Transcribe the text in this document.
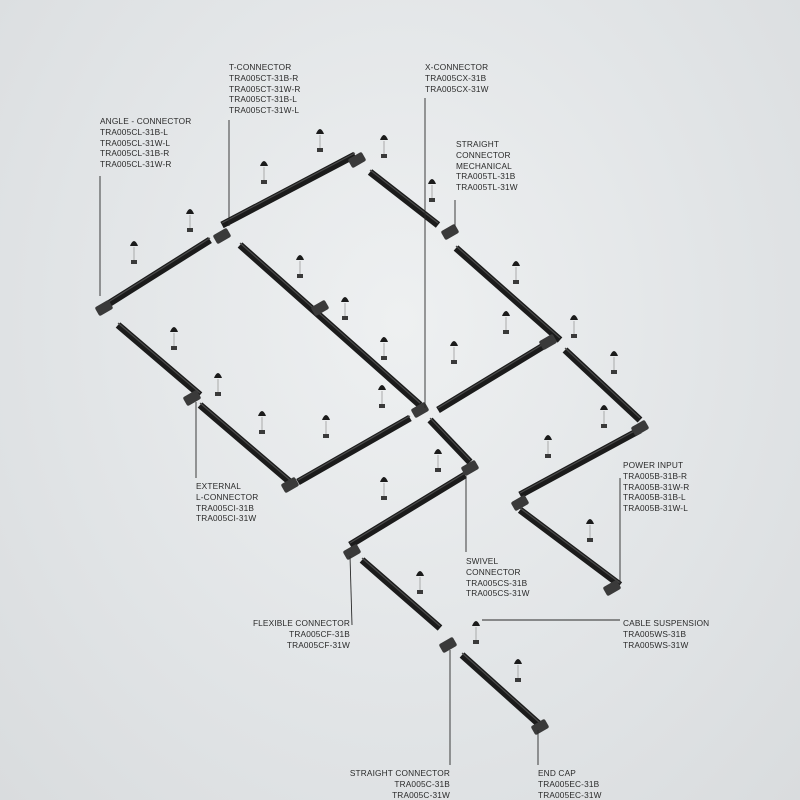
ANGLE - CONNECTOR
TRA005CL-31B-L
TRA005CL-31W-L
TRA005CL-31B-R
TRA005CL-31W-R
T-CONNECTOR
TRA005CT-31B-R
TRA005CT-31W-R
TRA005CT-31B-L
TRA005CT-31W-L
X-CONNECTOR
TRA005CX-31B
TRA005CX-31W
STRAIGHT
CONNECTOR
MECHANICAL
TRA005TL-31B
TRA005TL-31W
EXTERNAL
L-CONNECTOR
TRA005CI-31B
TRA005CI-31W
POWER INPUT
TRA005B-31B-R
TRA005B-31W-R
TRA005B-31B-L
TRA005B-31W-L
SWIVEL
CONNECTOR
TRA005CS-31B
TRA005CS-31W
FLEXIBLE CONNECTOR
TRA005CF-31B
TRA005CF-31W
CABLE SUSPENSION
TRA005WS-31B
TRA005WS-31W
STRAIGHT CONNECTOR
TRA005C-31B
TRA005C-31W
END CAP
TRA005EC-31B
TRA005EC-31W
